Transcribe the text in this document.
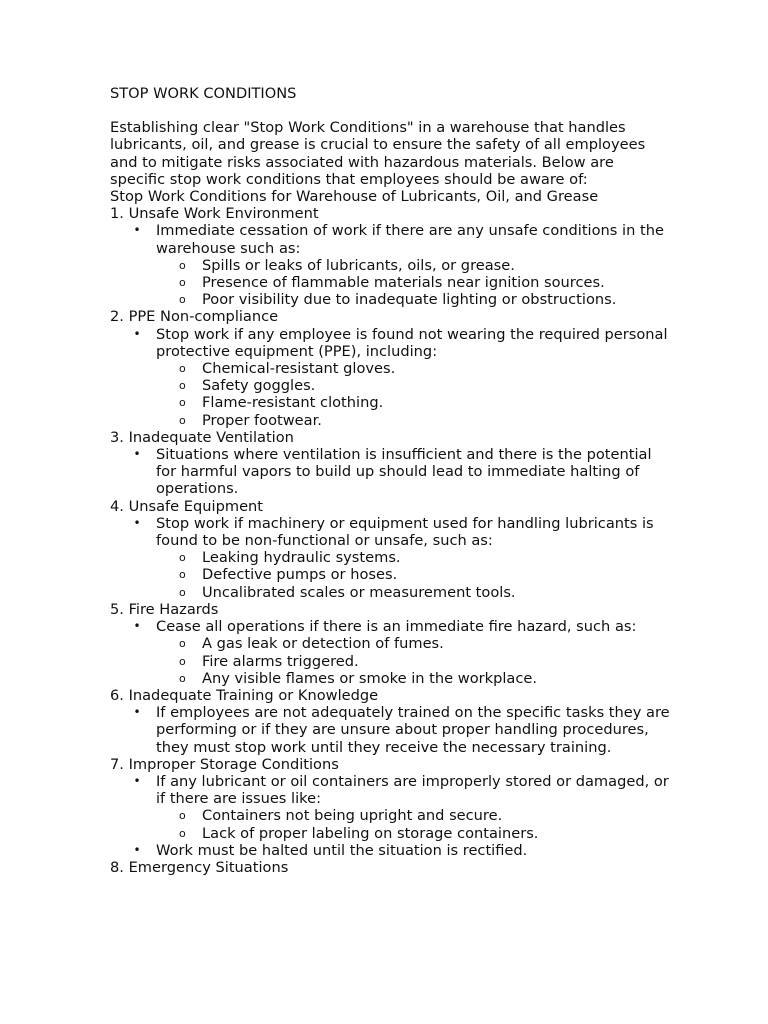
STOP WORK CONDITIONS

Establishing clear "Stop Work Conditions" in a warehouse that handles lubricants, oil, and grease is crucial to ensure the safety of all employees and to mitigate risks associated with hazardous materials. Below are specific stop work conditions that employees should be aware of:

Stop Work Conditions for Warehouse of Lubricants, Oil, and Grease

1. Unsafe Work Environment

• Immediate cessation of work if there are any unsafe conditions in the warehouse such as:
o Spills or leaks of lubricants, oils, or grease.
o Presence of flammable materials near ignition sources.
o Poor visibility due to inadequate lighting or obstructions.

2. PPE Non-compliance

• Stop work if any employee is found not wearing the required personal protective equipment (PPE), including:
o Chemical-resistant gloves.
o Safety goggles.
o Flame-resistant clothing.
o Proper footwear.

3. Inadequate Ventilation

• Situations where ventilation is insufficient and there is the potential for harmful vapors to build up should lead to immediate halting of operations.

4. Unsafe Equipment

• Stop work if machinery or equipment used for handling lubricants is found to be non-functional or unsafe, such as:
o Leaking hydraulic systems.
o Defective pumps or hoses.
o Uncalibrated scales or measurement tools.

5. Fire Hazards

• Cease all operations if there is an immediate fire hazard, such as:
o A gas leak or detection of fumes.
o Fire alarms triggered.
o Any visible flames or smoke in the workplace.

6. Inadequate Training or Knowledge

• If employees are not adequately trained on the specific tasks they are performing or if they are unsure about proper handling procedures, they must stop work until they receive the necessary training.

7. Improper Storage Conditions

• If any lubricant or oil containers are improperly stored or damaged, or if there are issues like:
o Containers not being upright and secure.
o Lack of proper labeling on storage containers.
• Work must be halted until the situation is rectified.

8. Emergency Situations
